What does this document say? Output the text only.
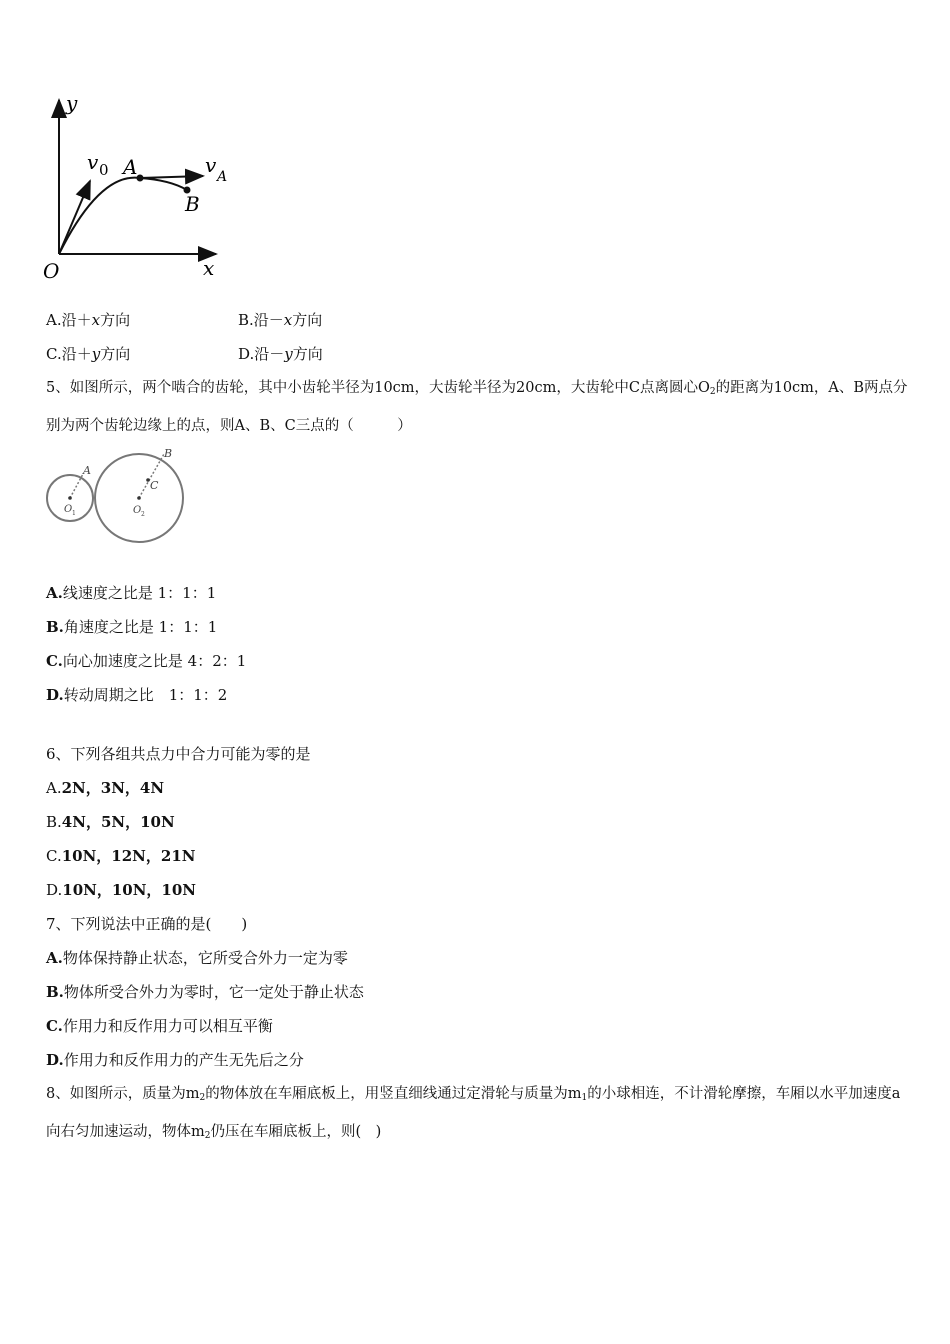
y
x
O
v 0 A
B
v A
A.沿＋x方向	B.沿－x方向
C.沿＋y方向	D.沿－y方向
5、如图所示，两个啮合的齿轮，其中小齿轮半径为10cm，大齿轮半径为20cm，大齿轮中C点离圆心$O_2$的距离为10cm，A、B两点分别为两个齿轮边缘上的点，则A、B、C三点的（　　　）
A
B
C
O 1	O 2
A.线速度之比是 1：1：1
B.角速度之比是 1：1：1
C.向心加速度之比是 4：2：1
D.转动周期之比　1：1：2
6、下列各组共点力中合力可能为零的是
A.2N，3N，4N
B.4N，5N，10N
C.10N，12N，21N
D.10N，10N，10N
7、下列说法中正确的是(　　)
A.物体保持静止状态，它所受合外力一定为零
B.物体所受合外力为零时，它一定处于静止状态
C.作用力和反作用力可以相互平衡
D.作用力和反作用力的产生无先后之分
8、如图所示，质量为$m_2$的物体放在车厢底板上，用竖直细线通过定滑轮与质量为$m_1$的小球相连，不计滑轮摩擦，车厢以水平加速度a向右匀加速运动，物体$m_2$仍压在车厢底板上，则(　)
